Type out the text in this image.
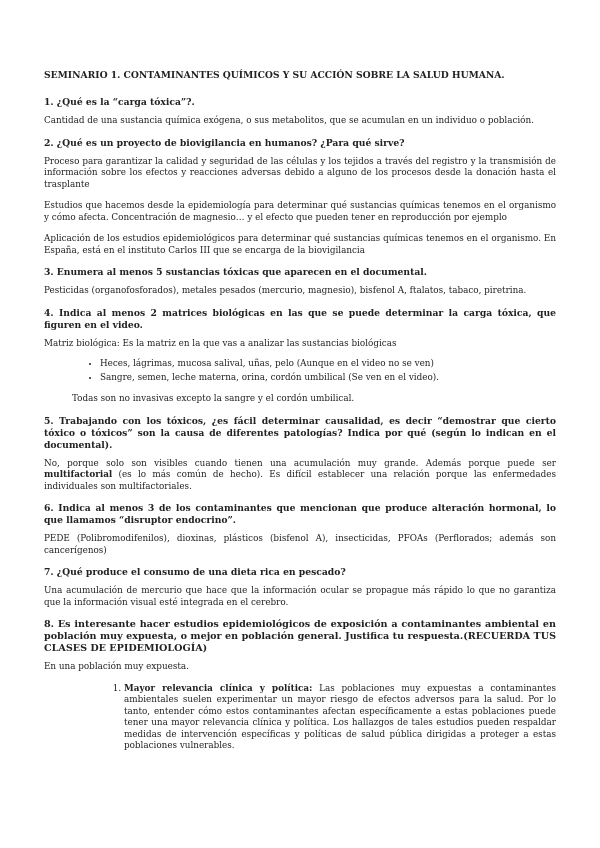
SEMINARIO 1. CONTAMINANTES QUÍMICOS Y SU ACCIÓN SOBRE LA SALUD HUMANA.
1. ¿Qué es la “carga tóxica”?.
Cantidad de una sustancia química exógena, o sus metabolitos, que se acumulan en un individuo o población.
2. ¿Qué es un proyecto de biovigilancia en humanos? ¿Para qué sirve?
Proceso para garantizar la calidad y seguridad de las células y los tejidos a través del registro y la transmisión de información sobre los efectos y reacciones adversas debido a alguno de los procesos desde la donación hasta el trasplante
Estudios que hacemos desde la epidemiología para determinar qué sustancias químicas tenemos en el organismo y cómo afecta. Concentración de magnesio… y el efecto que pueden tener en reproducción por ejemplo
Aplicación de los estudios epidemiológicos para determinar qué sustancias químicas tenemos en el organismo. En España, está en el instituto Carlos III que se encarga de la biovigilancia
3. Enumera al menos 5 sustancias tóxicas que aparecen en el documental.
Pesticidas (organofosforados), metales pesados (mercurio, magnesio), bisfenol A, ftalatos, tabaco, piretrina.
4. Indica al menos 2 matrices biológicas en las que se puede determinar la carga tóxica, que figuren en el video.
Matriz biológica: Es la matriz en la que vas a analizar las sustancias biológicas
• Heces, lágrimas, mucosa salival, uñas, pelo (Aunque en el video no se ven)
• Sangre, semen, leche materna, orina, cordón umbilical (Se ven en el video).
Todas son no invasivas excepto la sangre y el cordón umbilical.
5. Trabajando con los tóxicos, ¿es fácil determinar causalidad, es decir “demostrar que cierto tóxico o tóxicos” son la causa de diferentes patologías? Indica por qué (según lo indican en el documental).
No, porque solo son visibles cuando tienen una acumulación muy grande. Además porque puede ser multifactorial (es lo más común de hecho). Es difícil establecer una relación porque las enfermedades individuales son multifactoriales.
6. Indica al menos 3 de los contaminantes que mencionan que produce alteración hormonal, lo que llamamos “disruptor endocrino”.
PEDE (Polibromodifenilos), dioxinas, plásticos (bisfenol A), insecticidas, PFOAs (Perflorados; además son cancerígenos)
7. ¿Qué produce el consumo de una dieta rica en pescado?
Una acumulación de mercurio que hace que la información ocular se propague más rápido lo que no garantiza que la información visual esté integrada en el cerebro.
8. Es interesante hacer estudios epidemiológicos de exposición a contaminantes ambiental en población muy expuesta, o mejor en población general. Justifica tu respuesta.(RECUERDA TUS CLASES DE EPIDEMIOLOGÍA)
En una población muy expuesta.
1. Mayor relevancia clínica y política: Las poblaciones muy expuestas a contaminantes ambientales suelen experimentar un mayor riesgo de efectos adversos para la salud. Por lo tanto, entender cómo estos contaminantes afectan específicamente a estas poblaciones puede tener una mayor relevancia clínica y política. Los hallazgos de tales estudios pueden respaldar medidas de intervención específicas y políticas de salud pública dirigidas a proteger a estas poblaciones vulnerables.
